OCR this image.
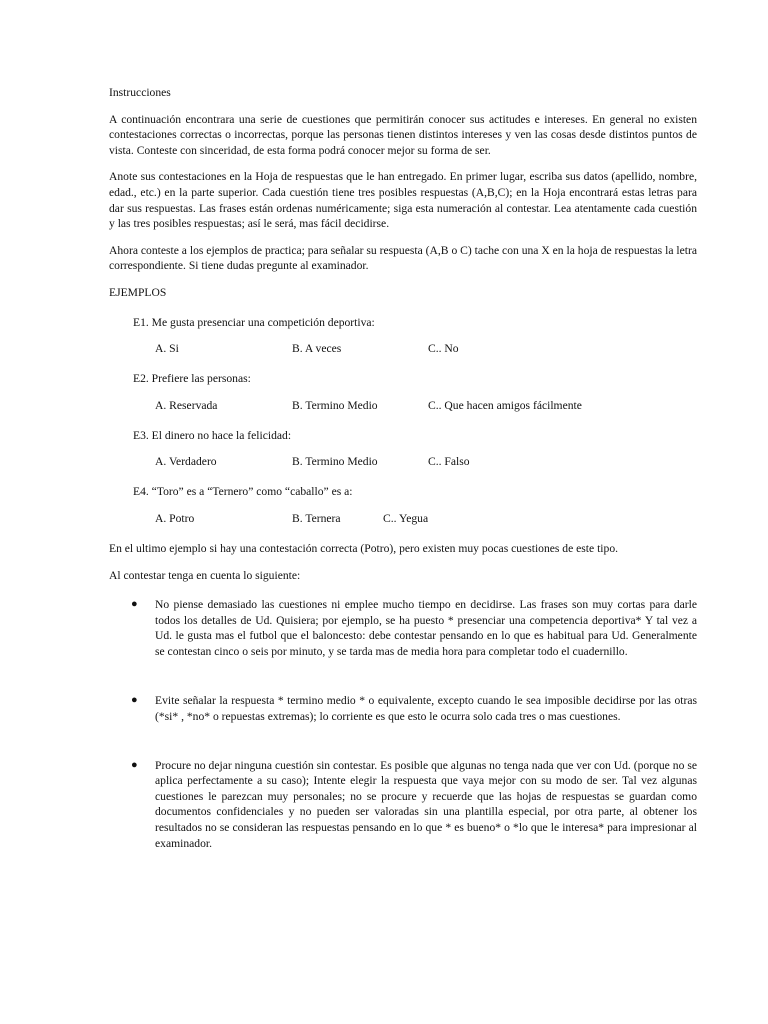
Instrucciones

A continuación encontrara una serie de cuestiones que permitirán conocer sus actitudes e intereses. En general no existen contestaciones correctas o incorrectas, porque las personas tienen distintos intereses y ven las cosas desde distintos puntos de vista. Conteste con sinceridad, de esta forma podrá conocer mejor su forma de ser.

Anote sus contestaciones en la Hoja de respuestas que le han entregado. En primer lugar, escriba sus datos (apellido, nombre, edad., etc.) en la parte superior. Cada cuestión tiene tres posibles respuestas (A,B,C); en la Hoja encontrará estas letras para dar sus respuestas. Las frases están ordenas numéricamente; siga esta numeración al contestar. Lea atentamente cada cuestión y las tres posibles respuestas; así le será, mas fácil decidirse.

Ahora conteste a los ejemplos de practica; para señalar su respuesta (A,B o C) tache con una X en la hoja de respuestas la letra correspondiente. Si tiene dudas pregunte al examinador.

EJEMPLOS

E1. Me gusta presenciar una competición deportiva:

A. Si	B. A veces	C.. No

E2. Prefiere las personas:

A. Reservada	B. Termino Medio	C.. Que hacen amigos fácilmente

E3. El dinero no hace la felicidad:

A. Verdadero	B. Termino Medio	C.. Falso

E4. “Toro” es a “Ternero” como “caballo” es a:

A. Potro	B. Ternera	C.. Yegua

En el ultimo ejemplo si hay una contestación correcta (Potro), pero existen muy pocas cuestiones de este tipo.

Al contestar tenga en cuenta lo siguiente:

● No piense demasiado las cuestiones ni emplee mucho tiempo en decidirse. Las frases son muy cortas para darle todos los detalles de Ud. Quisiera; por ejemplo, se ha puesto * presenciar una competencia deportiva* Y tal vez a Ud. le gusta mas el futbol que el baloncesto: debe contestar pensando en lo que es habitual para Ud. Generalmente se contestan cinco o seis por minuto, y se tarda mas de media hora para completar todo el cuadernillo.
● Evite señalar la respuesta * termino medio * o equivalente, excepto cuando le sea imposible decidirse por las otras (*si* , *no* o repuestas extremas); lo corriente es que esto le ocurra solo cada tres o mas cuestiones.
● Procure no dejar ninguna cuestión sin contestar. Es posible que algunas no tenga nada que ver con Ud. (porque no se aplica perfectamente a su caso); Intente elegir la respuesta que vaya mejor con su modo de ser. Tal vez algunas cuestiones le parezcan muy personales; no se procure y recuerde que las hojas de respuestas se guardan como documentos confidenciales y no pueden ser valoradas sin una plantilla especial, por otra parte, al obtener los resultados no se consideran las respuestas pensando en lo que * es bueno* o *lo que le interesa* para impresionar al examinador.
